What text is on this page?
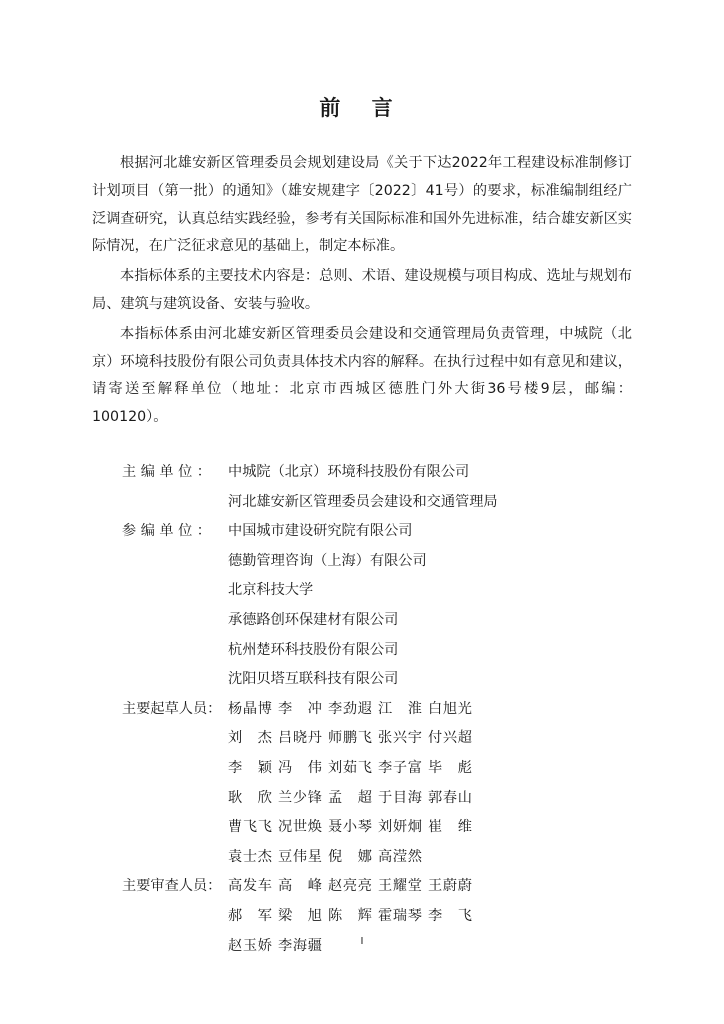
前 言

根据河北雄安新区管理委员会规划建设局《关于下达2022年工程建设标准制修订计划项目（第一批）的通知》（雄安规建字〔2022〕41号）的要求，标准编制组经广泛调查研究，认真总结实践经验，参考有关国际标准和国外先进标准，结合雄安新区实际情况，在广泛征求意见的基础上，制定本标准。

本指标体系的主要技术内容是：总则、术语、建设规模与项目构成、选址与规划布局、建筑与建筑设备、安装与验收。

本指标体系由河北雄安新区管理委员会建设和交通管理局负责管理，中城院（北京）环境科技股份有限公司负责具体技术内容的解释。在执行过程中如有意见和建议，请寄送至解释单位（地址：北京市西城区德胜门外大街36号楼9层，邮编：100120）。

主 编 单 位 ：	中城院（北京）环境科技股份有限公司
河北雄安新区管理委员会建设和交通管理局
参 编 单 位 ：	中国城市建设研究院有限公司
德勤管理咨询（上海）有限公司
北京科技大学
承德路创环保建材有限公司
杭州楚环科技股份有限公司
沈阳贝塔互联科技有限公司
主要起草人员： 杨晶博 李冲 李劲遐 江淮 白旭光
刘杰 吕晓丹 师鹏飞 张兴宇 付兴超
李颖 冯伟 刘茹飞 李子富 毕彪
耿欣 兰少锋 孟超 于目海 郭春山
曹飞飞 况世焕 聂小琴 刘妍炯 崔维
袁士杰 豆伟星 倪娜 高滢然
主要审查人员： 高发车 高峰 赵亮亮 王耀堂 王蔚蔚
郝军 梁旭 陈辉 霍瑞琴 李飞
赵玉娇 李海疆	I
